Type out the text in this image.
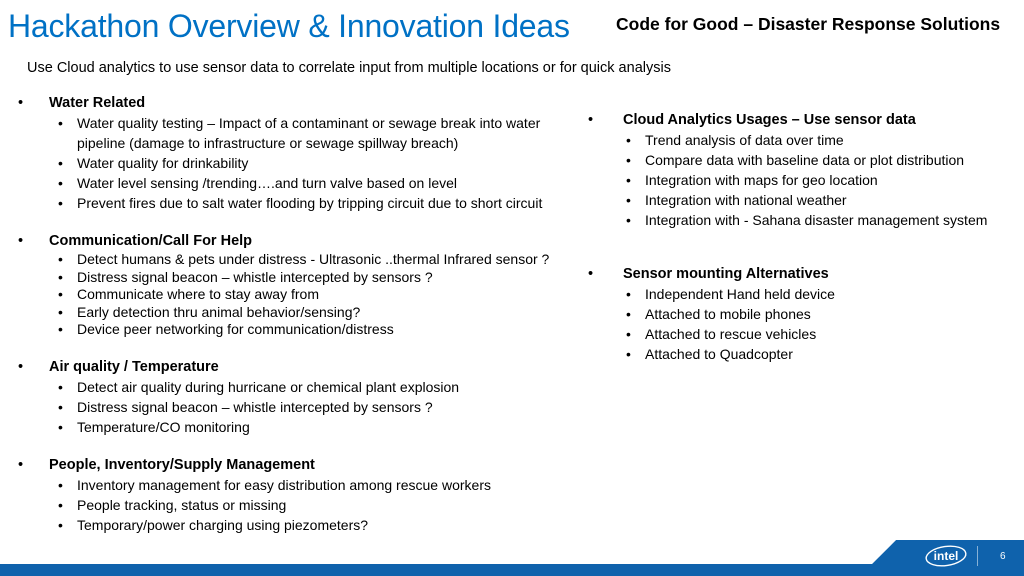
Hackathon Overview & Innovation Ideas	Code for Good – Disaster Response Solutions

Use Cloud analytics to use sensor data to correlate input from multiple locations or for quick analysis

•	Water Related
• Water quality testing – Impact of a contaminant or sewage break into water pipeline (damage to infrastructure or sewage spillway breach)
• Water quality for drinkability
• Water level sensing /trending….and turn valve based on level
• Prevent fires due to salt water flooding by tripping circuit due to short circuit
•	Communication/Call For Help
• Detect humans & pets under distress - Ultrasonic ..thermal Infrared sensor ?
• Distress signal beacon – whistle intercepted by sensors ?
• Communicate where to stay away from
• Early detection thru animal behavior/sensing?
• Device peer networking for communication/distress
•	Air quality / Temperature
• Detect air quality during hurricane or chemical plant explosion
• Distress signal beacon – whistle intercepted by sensors ?
• Temperature/CO monitoring
•	People, Inventory/Supply Management
• Inventory management for easy distribution among rescue workers
• People tracking, status or missing
• Temporary/power charging using piezometers?
•	Cloud Analytics Usages – Use sensor data
• Trend analysis of data over time
• Compare data with baseline data or plot distribution
• Integration with maps for geo location
• Integration with national weather
• Integration with - Sahana disaster management system
•	Sensor mounting Alternatives
• Independent Hand held device
• Attached to mobile phones
• Attached to rescue vehicles
• Attached to Quadcopter
intel	6
